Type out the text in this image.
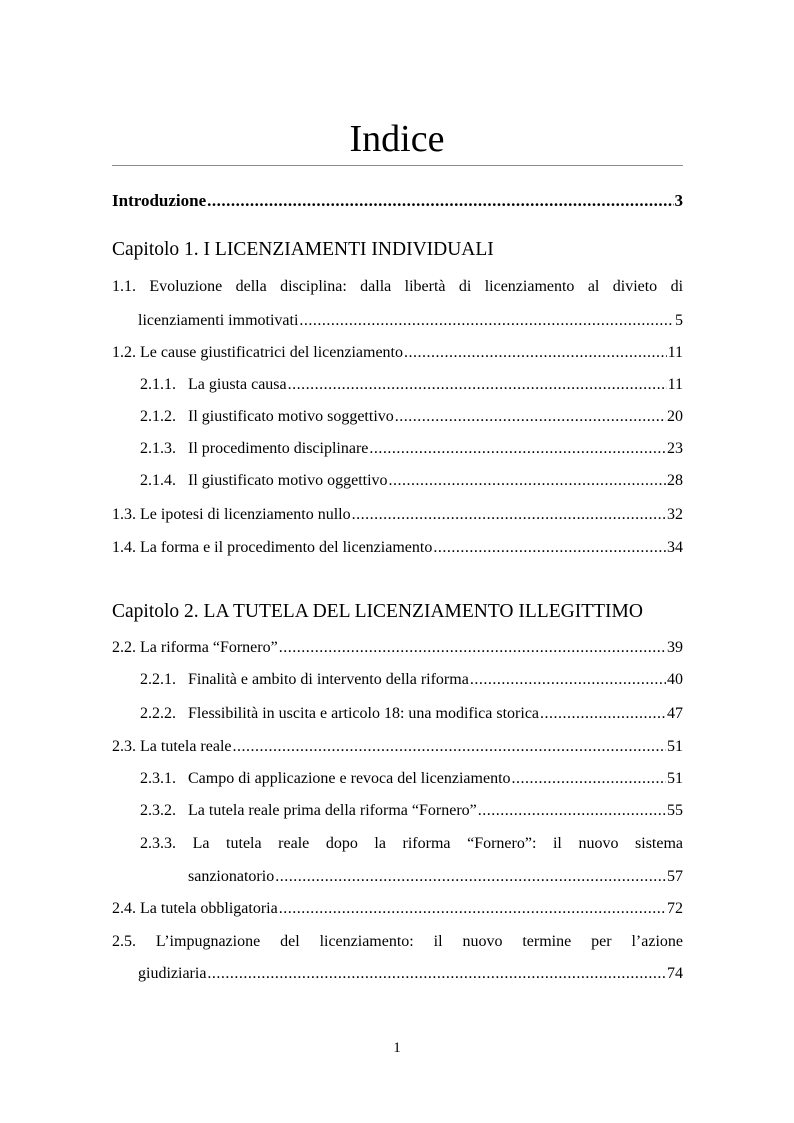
Indice
Introduzione .....	3
Capitolo 1. I LICENZIAMENTI INDIVIDUALI
1.1. Evoluzione della disciplina: dalla libertà di licenziamento al divieto di
licenziamenti immotivati .....	5
1.2. Le cause giustificatrici del licenziamento .....	11
2.1.1. La giusta causa .....	11
2.1.2. Il giustificato motivo soggettivo .....	20
2.1.3. Il procedimento disciplinare .....	23
2.1.4. Il giustificato motivo oggettivo .....	28
1.3. Le ipotesi di licenziamento nullo .....	32
1.4. La forma e il procedimento del licenziamento .....	34
Capitolo 2. LA TUTELA DEL LICENZIAMENTO ILLEGITTIMO
2.2. La riforma “Fornero” .....	39
2.2.1. Finalità e ambito di intervento della riforma .....	40
2.2.2. Flessibilità in uscita e articolo 18: una modifica storica .....	47
2.3. La tutela reale .....	51
2.3.1. Campo di applicazione e revoca del licenziamento .....	51
2.3.2. La tutela reale prima della riforma “Fornero” .....	55
2.3.3. La tutela reale dopo la riforma “Fornero”: il nuovo sistema
sanzionatorio .....	57
2.4. La tutela obbligatoria .....	72
2.5. L’impugnazione del licenziamento: il nuovo termine per l’azione
giudiziaria .....	74
1
